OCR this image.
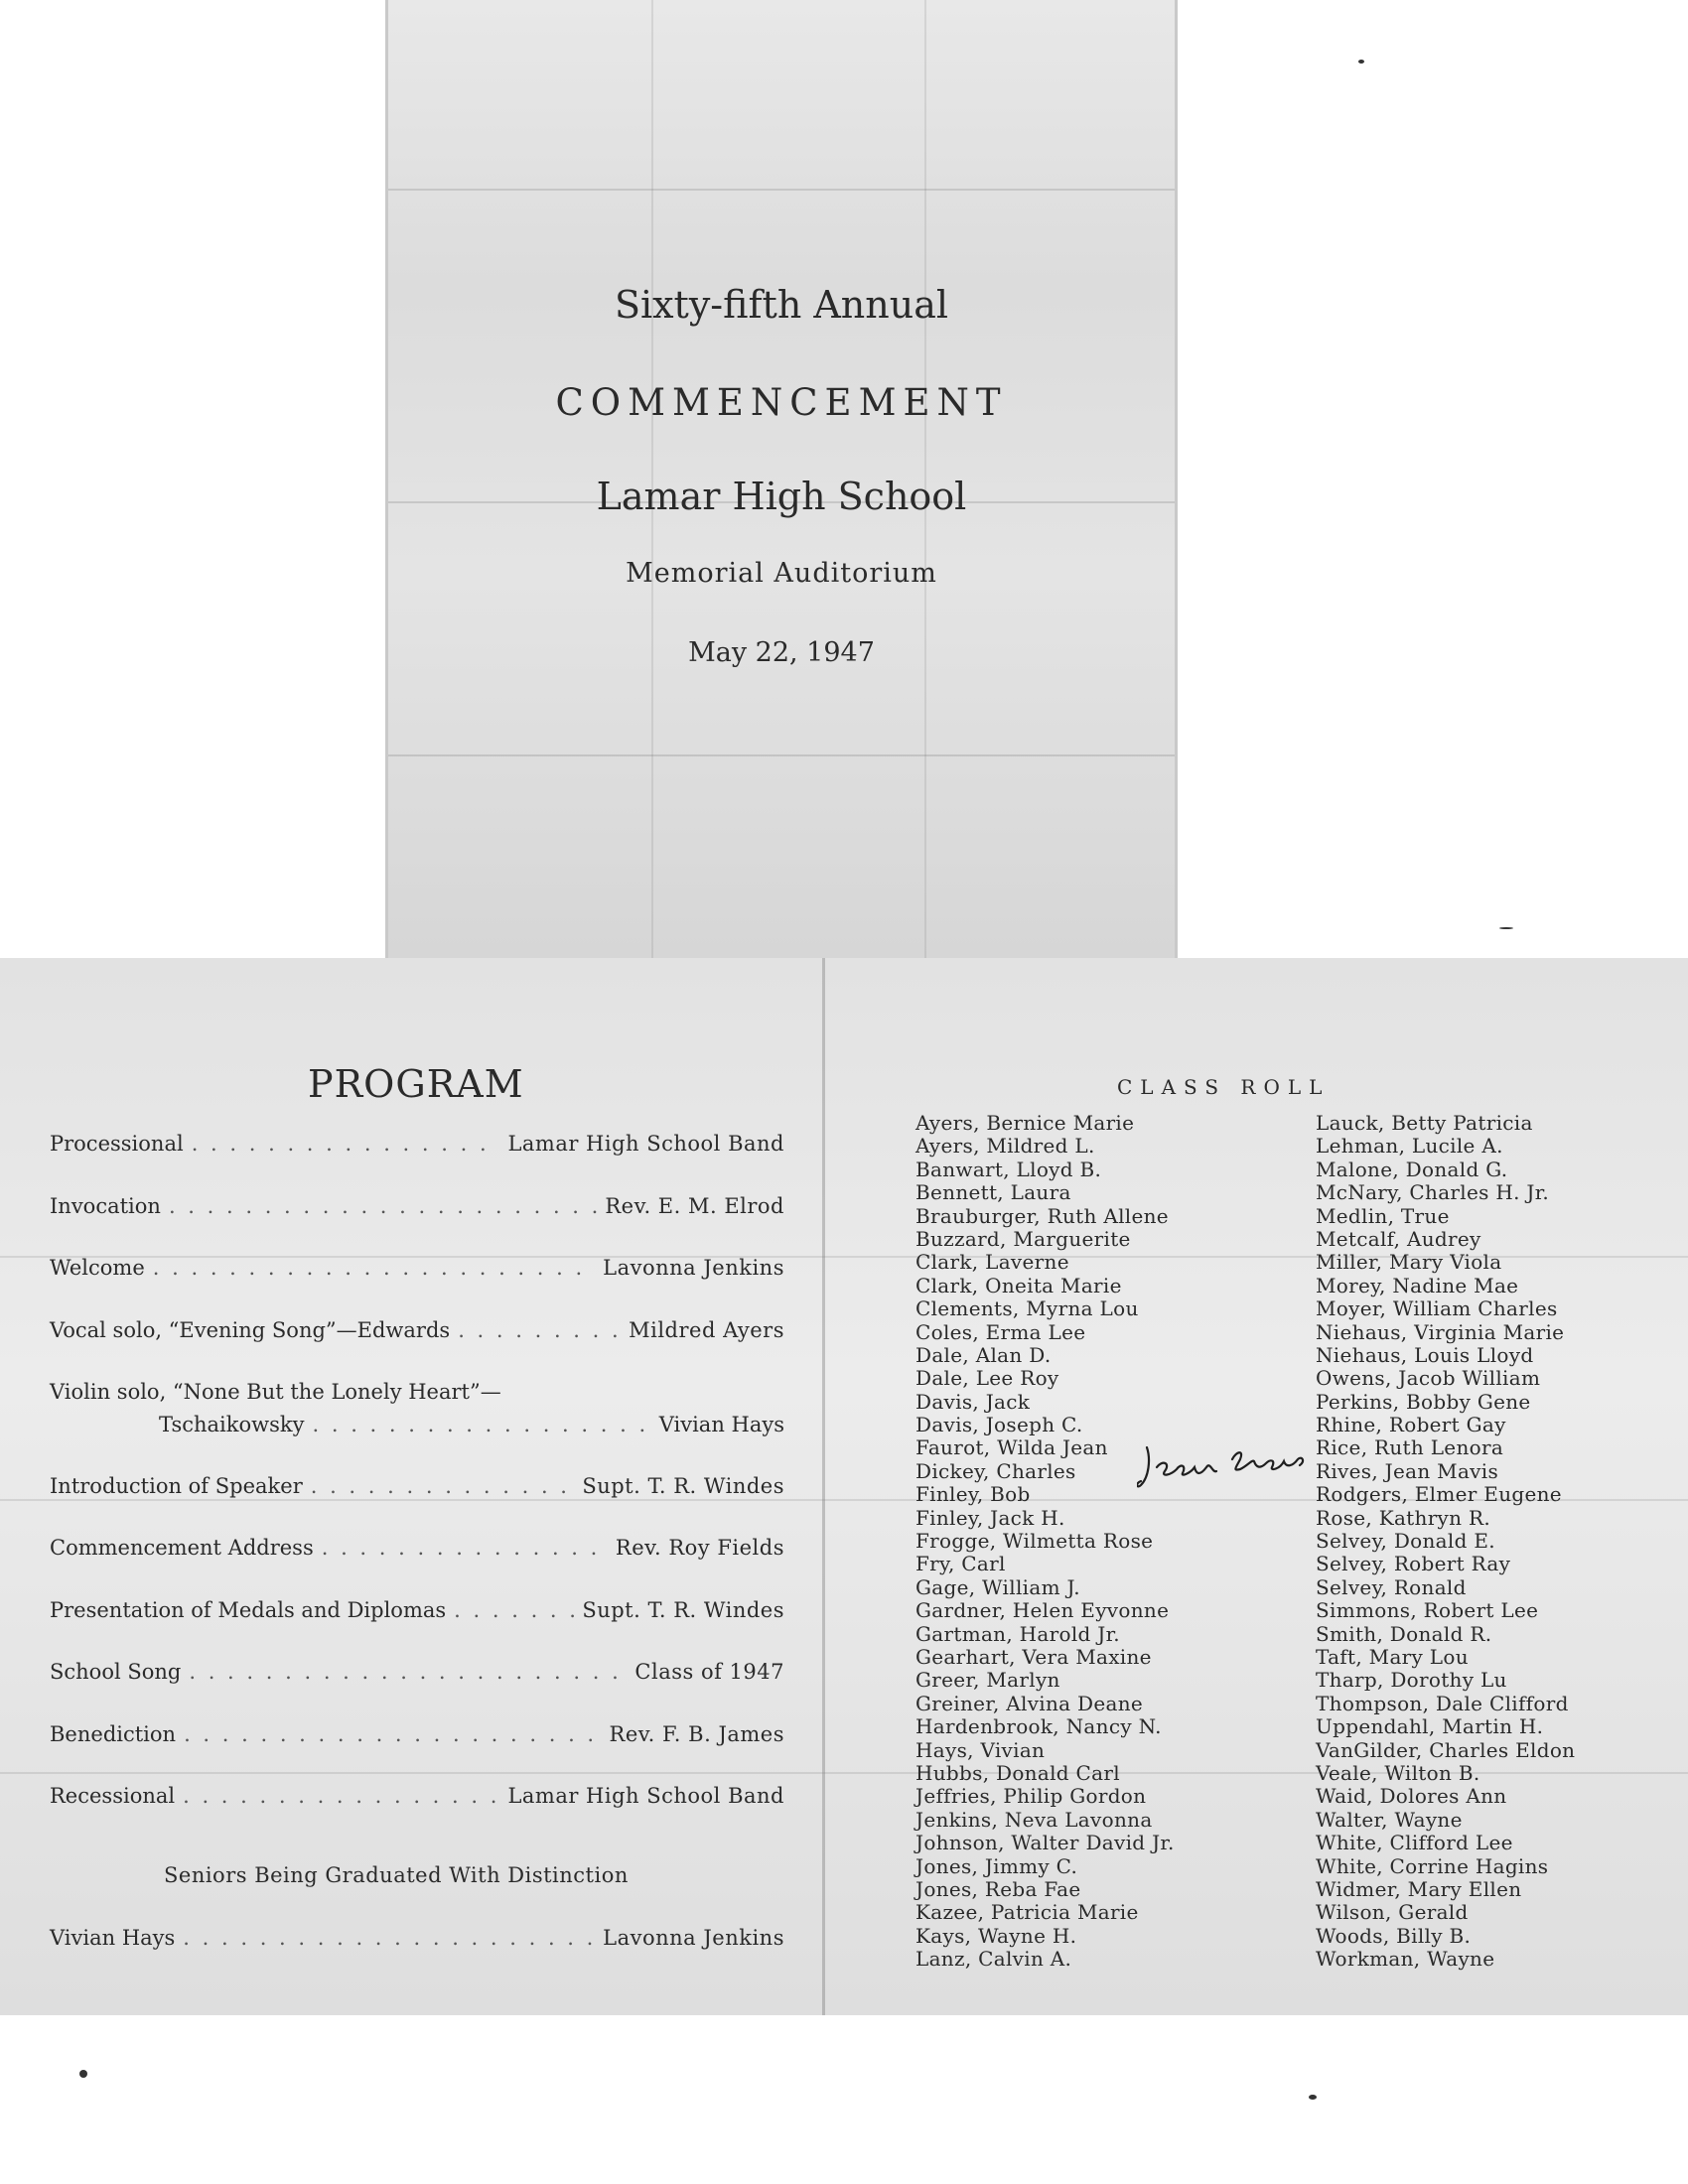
Sixty-fifth Annual
COMMENCEMENT
Lamar High School
Memorial Auditorium
May 22, 1947
PROGRAM
Processional . . .	Lamar High School Band
Invocation . . .	Rev. E. M. Elrod
Welcome . . .	Lavonna Jenkins
Vocal solo, “Evening Song”—Edwards . . .	Mildred Ayers
Violin solo, “None But the Lonely Heart”—
Tschaikowsky . . .	Vivian Hays
Introduction of Speaker . . .	Supt. T. R. Windes
Commencement Address . . .	Rev. Roy Fields
Presentation of Medals and Diplomas . . .	Supt. T. R. Windes
School Song . . .	Class of 1947
Benediction . . .	Rev. F. B. James
Recessional . . .	Lamar High School Band
Seniors Being Graduated With Distinction
Vivian Hays . . .	Lavonna Jenkins
CLASS ROLL
Ayers, Bernice Marie
Ayers, Mildred L.
Banwart, Lloyd B.
Bennett, Laura
Brauburger, Ruth Allene
Buzzard, Marguerite
Clark, Laverne
Clark, Oneita Marie
Clements, Myrna Lou
Coles, Erma Lee
Dale, Alan D.
Dale, Lee Roy
Davis, Jack
Davis, Joseph C.
Faurot, Wilda Jean
Dickey, Charles
Finley, Bob
Finley, Jack H.
Frogge, Wilmetta Rose
Fry, Carl
Gage, William J.
Gardner, Helen Eyvonne
Gartman, Harold Jr.
Gearhart, Vera Maxine
Greer, Marlyn
Greiner, Alvina Deane
Hardenbrook, Nancy N.
Hays, Vivian
Hubbs, Donald Carl
Jeffries, Philip Gordon
Jenkins, Neva Lavonna
Johnson, Walter David Jr.
Jones, Jimmy C.
Jones, Reba Fae
Kazee, Patricia Marie
Kays, Wayne H.
Lanz, Calvin A.
Lauck, Betty Patricia
Lehman, Lucile A.
Malone, Donald G.
McNary, Charles H. Jr.
Medlin, True
Metcalf, Audrey
Miller, Mary Viola
Morey, Nadine Mae
Moyer, William Charles
Niehaus, Virginia Marie
Niehaus, Louis Lloyd
Owens, Jacob William
Perkins, Bobby Gene
Rhine, Robert Gay
Rice, Ruth Lenora
Rives, Jean Mavis
Rodgers, Elmer Eugene
Rose, Kathryn R.
Selvey, Donald E.
Selvey, Robert Ray
Selvey, Ronald
Simmons, Robert Lee
Smith, Donald R.
Taft, Mary Lou
Tharp, Dorothy Lu
Thompson, Dale Clifford
Uppendahl, Martin H.
VanGilder, Charles Eldon
Veale, Wilton B.
Waid, Dolores Ann
Walter, Wayne
White, Clifford Lee
White, Corrine Hagins
Widmer, Mary Ellen
Wilson, Gerald
Woods, Billy B.
Workman, Wayne
